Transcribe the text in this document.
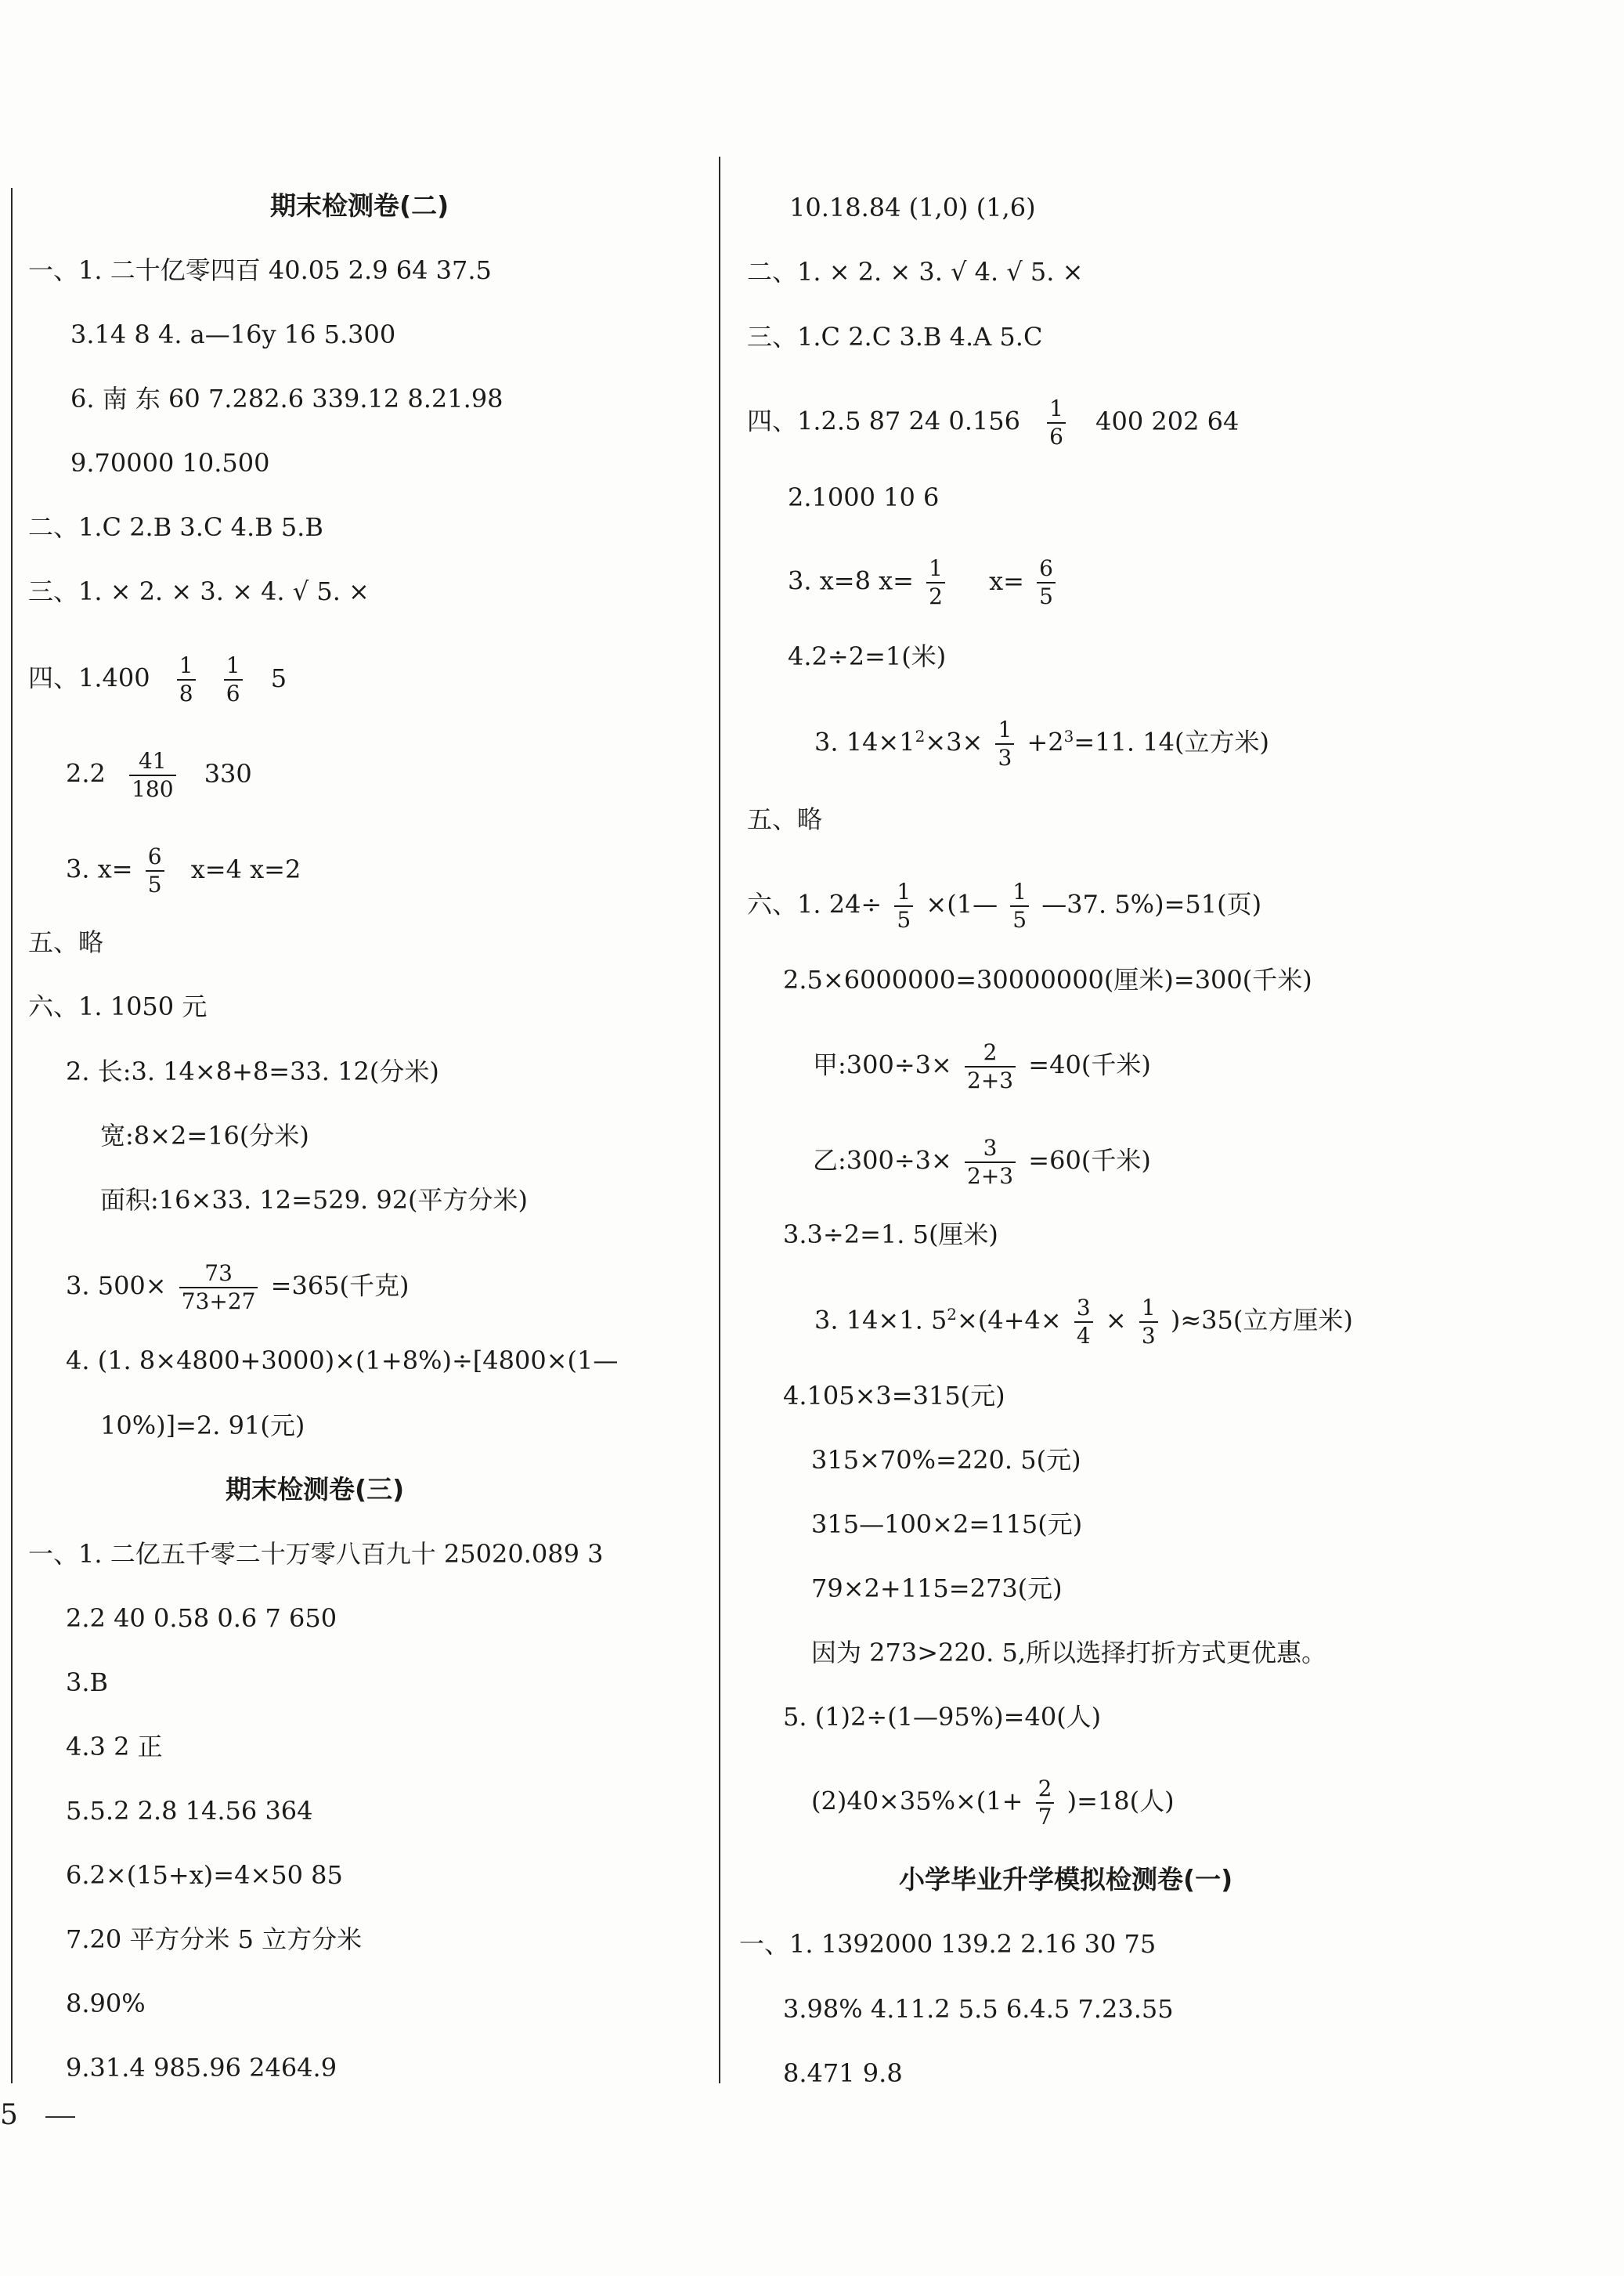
期末检测卷(二)
一、1. 二十亿零四百 40.05 2.9 64 37.5
3.14 8 4. a—16y 16 5.300
6. 南 东 60 7.282.6 339.12 8.21.98
9.70000 10.500
二、1.C 2.B 3.C 4.B 5.B
三、1. × 2. × 3. × 4. √ 5. ×
四、$1.400 \frac{1}{8}$
$\frac{1}{6} 5$
$2.2 \frac{41}{180} 330$
3. $x= \frac{6}{5} x=4$ x=2
五、略
六、1. 1050 元
2. 长:3. 14×8+8=33. 12(分米)
宽:8×2=16(分米)
面积:16×33. 12=529. 92(平方分米)
3. $500\times \frac{73}{73+27} =365$(千克)
4. (1. 8×4800+3000)×(1+8%)÷[4800×(1—
10%)]=2. 91(元)
期末检测卷(三)
一、1. 二亿五千零二十万零八百九十 25020.089 3
2.2 40 0.58 0.6 7 650
3.B
4.3 2 正
5.5.2 2.8 14.56 364
6.2×(15+x)=4×50 85
7.20 平方分米 5 立方分米
8.90%
9.31.4 985.96 2464.9
10.18.84 (1,0) (1,6)
二、1. × 2. × 3. √ 4. √ 5. ×
三、1.C 2.C 3.B 4.A 5.C
四、1.2.5 87 24 $0.156 \frac{1}{6} 400$ 202 64
2.1000 10 6
3. x=8 $x= \frac{1}{2} x= \frac{6}{5}$
4.2÷2=1(米)
3. $14\times 1^2\times 3\times \frac{1}{3} +2^3=11$. 14(立方米)
五、略
六、1. $24\div \frac{1}{5}$ ×(1— $\frac{1}{5}$ —37. 5%)=51(页)
2.5×6000000=30000000(厘米)=300(千米)
甲:300÷3× $\frac{2}{2+3} =40$(千米)
乙:300÷3× $\frac{3}{2+3} =60$(千米)
3.3÷2=1. 5(厘米)
3. 14×1. $5^2\times(4+4\times \frac{3}{4} \times \frac{1}{3} )\approx 35$(立方厘米)
4.105×3=315(元)
315×70%=220. 5(元)
315—100×2=115(元)
79×2+115=273(元)
因为 273>220. 5,所以选择打折方式更优惠。
5. (1)2÷(1—95%)=40(人)
$(2)40\times 35\%\times(1+ \frac{2}{7} )=18$(人)
小学毕业升学模拟检测卷(一)
一、1. 1392000 139.2 2.16 30 75
3.98% 4.11.2 5.5 6.4.5 7.23.55
8.471 9.8
5
